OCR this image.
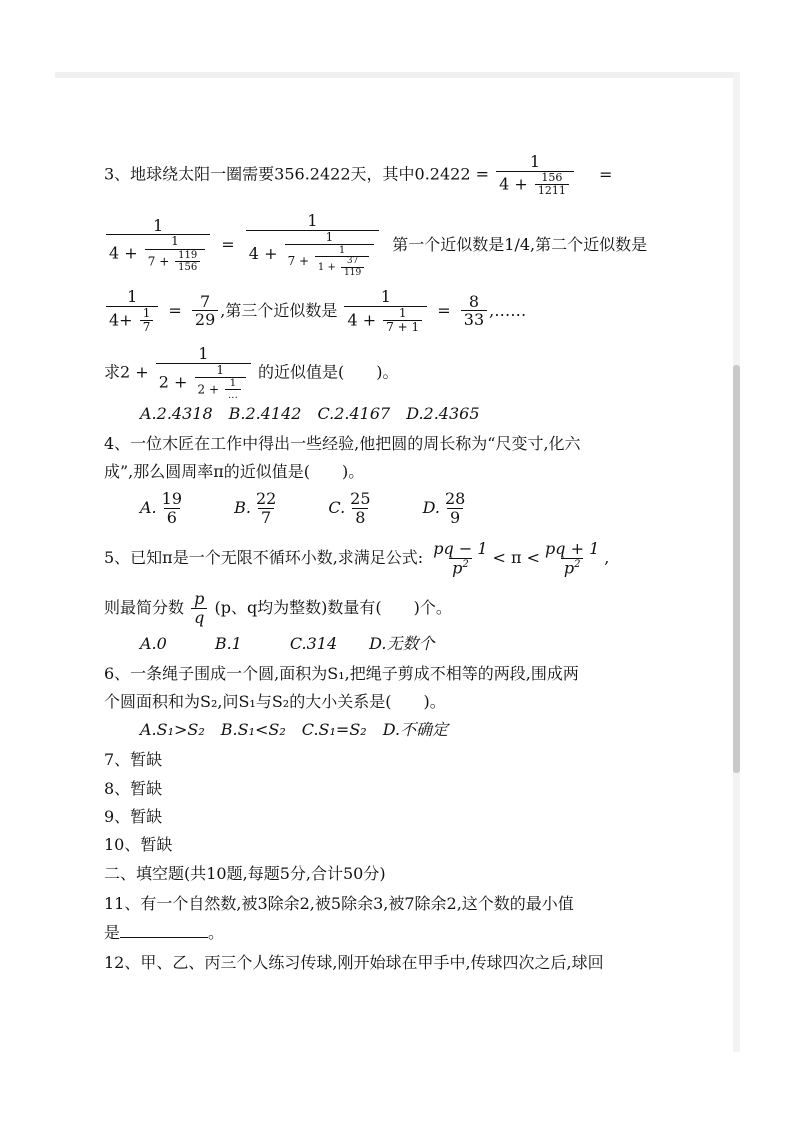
3、地球绕太阳一圈需要356.2422天，其中$0.2422 = \frac{1}{4 + \frac{156}{1211}}$ =
$\frac{1}{4 + \frac{1}{7 + \frac{119}{156}}}$ =
1
$4 + \frac{1}{7 + \frac{1}{1 + \frac{37}{119}}}$ 第一个近似数是1/4,第二个近似数是
$\frac{1}{4+ \frac{1}{7}} = \frac{7}{29}$ ,第三个近似数是 $\frac{1}{4 + \frac{1}{7 + 1}} = \frac{8}{33}$ ,……
求$2 + \frac{1}{2 + \frac{1}{2 + \frac{1}{\dots}}}$ 的近似值是(　　)。
A.2.4318　B.2.4142　C.2.4167　D.2.4365
4、一位木匠在工作中得出一些经验,他把圆的周长称为“尺变寸,化六
成”,那么圆周率π的近似值是(　　)。
A. $\frac{19}{6}$	B. $\frac{22}{7}$	C. $\frac{25}{8}$	D. $\frac{28}{9}$
5、已知π是一个无限不循环小数,求满足公式: $\frac{pq - 1}{p^2} < \pi < \frac{pq + 1}{p^2}$ ,
则最简分数 $\frac{p}{q} (p$、q均为整数)数量有(　　)个。
A.0　　　B.1　　　C.314　　D.无数个
6、一条绳子围成一个圆,面积为S₁,把绳子剪成不相等的两段,围成两
个圆面积和为S₂,问S₁与S₂的大小关系是(　　)。
A.S₁>S₂　B.S₁<S₂　C.S₁=S₂　D.不确定
7、暂缺
8、暂缺
9、暂缺
10、暂缺
二、填空题(共10题,每题5分,合计50分)
11、有一个自然数,被3除余2,被5除余3,被7除余2,这个数的最小值
是	。
12、甲、乙、丙三个人练习传球,刚开始球在甲手中,传球四次之后,球回
